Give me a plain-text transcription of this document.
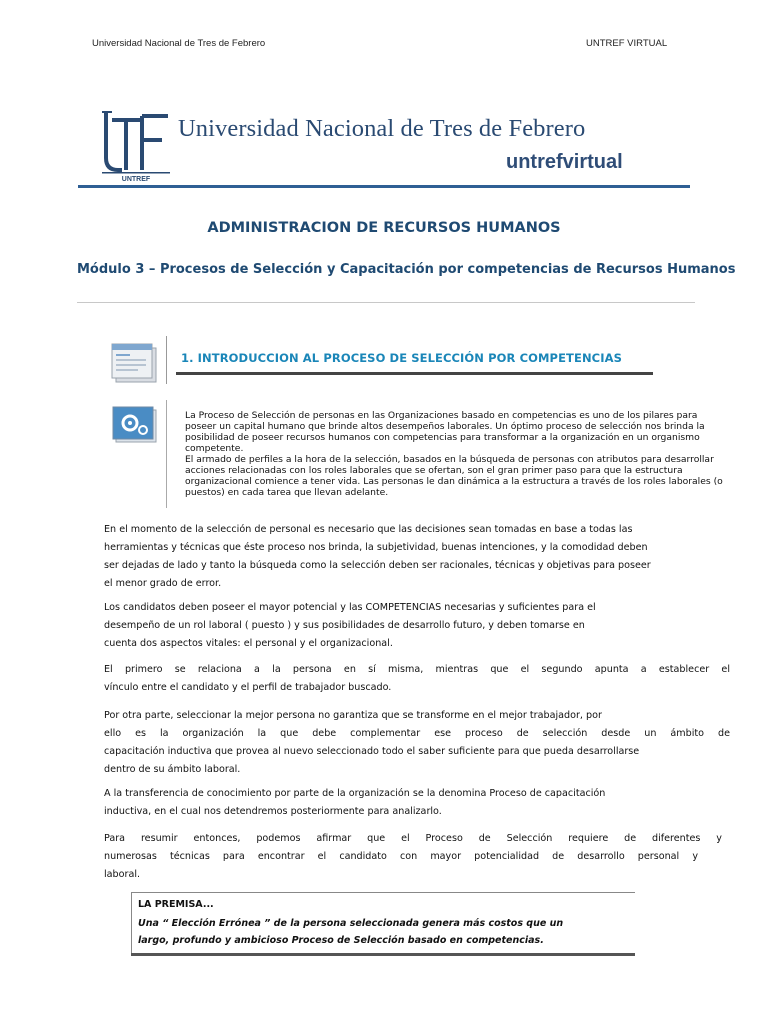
Universidad Nacional de Tres de Febrero	UNTREF VIRTUAL
UNTREF
Universidad Nacional de Tres de Febrero
untrefvirtual
ADMINISTRACION DE RECURSOS HUMANOS
Módulo 3 – Procesos de Selección y Capacitación por competencias de Recursos Humanos
1. INTRODUCCION AL PROCESO DE SELECCIÓN POR COMPETENCIAS

La Proceso de Selección de personas en las Organizaciones basado en competencias es uno de los pilares para poseer un capital humano que brinde altos desempeños laborales. Un óptimo proceso de selección nos brinda la posibilidad de poseer recursos humanos con competencias para transformar a la organización en un organismo competente.

El armado de perfiles a la hora de la selección, basados en la búsqueda de personas con atributos para desarrollar acciones relacionadas con los roles laborales que se ofertan, son el gran primer paso para que la estructura organizacional comience a tener vida. Las personas le dan dinámica a la estructura a través de los roles laborales (o puestos) en cada tarea que llevan adelante.

En el momento de la selección de personal es necesario que las decisiones sean tomadas en base a todas las
herramientas y técnicas que éste proceso nos brinda, la subjetividad, buenas intenciones, y la comodidad deben
ser dejadas de lado y tanto la búsqueda como la selección deben ser racionales, técnicas y objetivas para poseer
el menor grado de error.
Los candidatos deben poseer el mayor potencial y las COMPETENCIAS necesarias y suficientes para el
desempeño de un rol laboral ( puesto ) y sus posibilidades de desarrollo futuro, y deben tomarse en
cuenta dos aspectos vitales: el personal y el organizacional.
El primero se relaciona a la persona en sí misma, mientras que el segundo apunta a establecer el
vínculo entre el candidato y el perfil de trabajador buscado.
Por otra parte, seleccionar la mejor persona no garantiza que se transforme en el mejor trabajador, por
ello es la organización la que debe complementar ese proceso de selección desde un ámbito de
capacitación inductiva que provea al nuevo seleccionado todo el saber suficiente para que pueda desarrollarse
dentro de su ámbito laboral.
A la transferencia de conocimiento por parte de la organización se la denomina Proceso de capacitación
inductiva, en el cual nos detendremos posteriormente para analizarlo.
Para resumir entonces, podemos afirmar que el Proceso de Selección requiere de diferentes y
numerosas técnicas para encontrar el candidato con mayor potencialidad de desarrollo personal y
laboral.
LA PREMISA...
Una “ Elección Errónea ” de la persona seleccionada genera más costos que un
largo, profundo y ambicioso Proceso de Selección basado en competencias.
